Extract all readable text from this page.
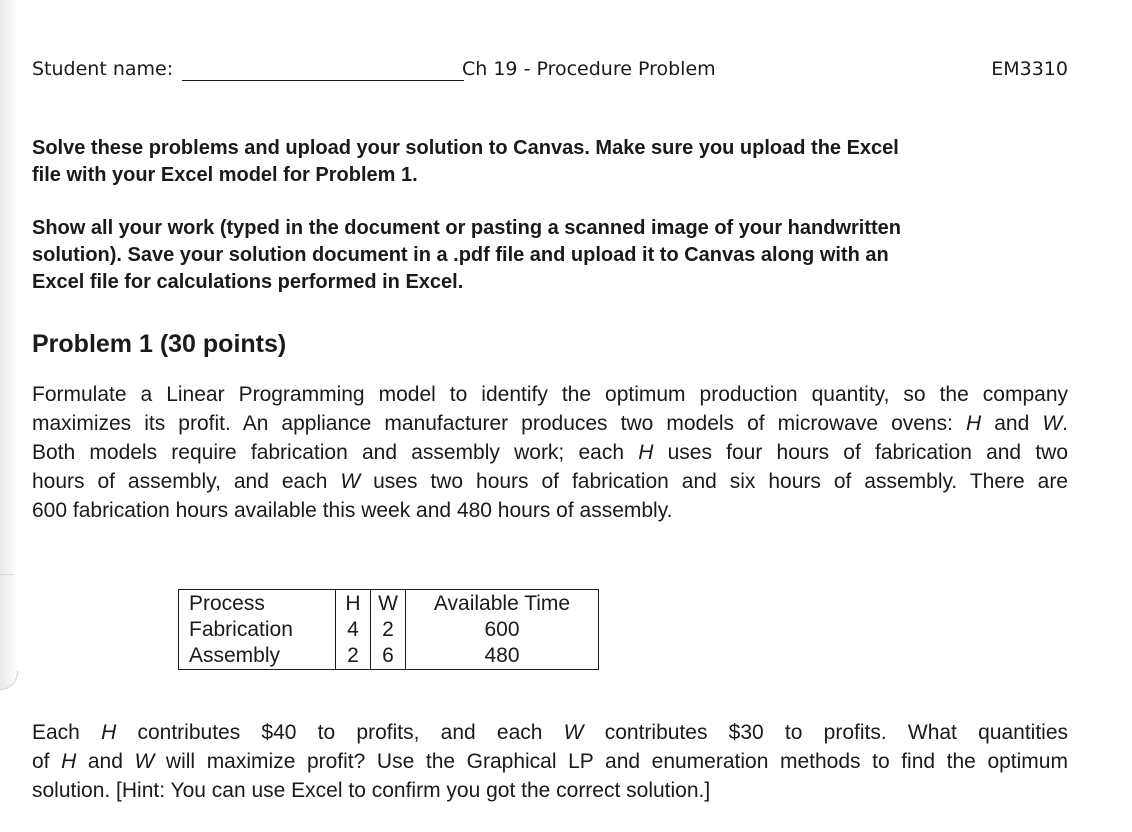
Student name:	Ch 19 - Procedure Problem	EM3310

Solve these problems and upload your solution to Canvas. Make sure you upload the Excel
file with your Excel model for Problem 1.

Show all your work (typed in the document or pasting a scanned image of your handwritten
solution). Save your solution document in a .pdf file and upload it to Canvas along with an
Excel file for calculations performed in Excel.

Problem 1 (30 points)

Formulate a Linear Programming model to identify the optimum production quantity, so the company
maximizes its profit. An appliance manufacturer produces two models of microwave ovens: H and W.
Both models require fabrication and assembly work; each H uses four hours of fabrication and two
hours of assembly, and each W uses two hours of fabrication and six hours of assembly. There are
600 fabrication hours available this week and 480 hours of assembly.

Process	H	W	Available Time
Fabrication	4	2	600
Assembly	2	6	480

Each H contributes $40 to profits, and each W contributes $30 to profits. What quantities
of H and W will maximize profit? Use the Graphical LP and enumeration methods to find the optimum
solution. [Hint: You can use Excel to confirm you got the correct solution.]
